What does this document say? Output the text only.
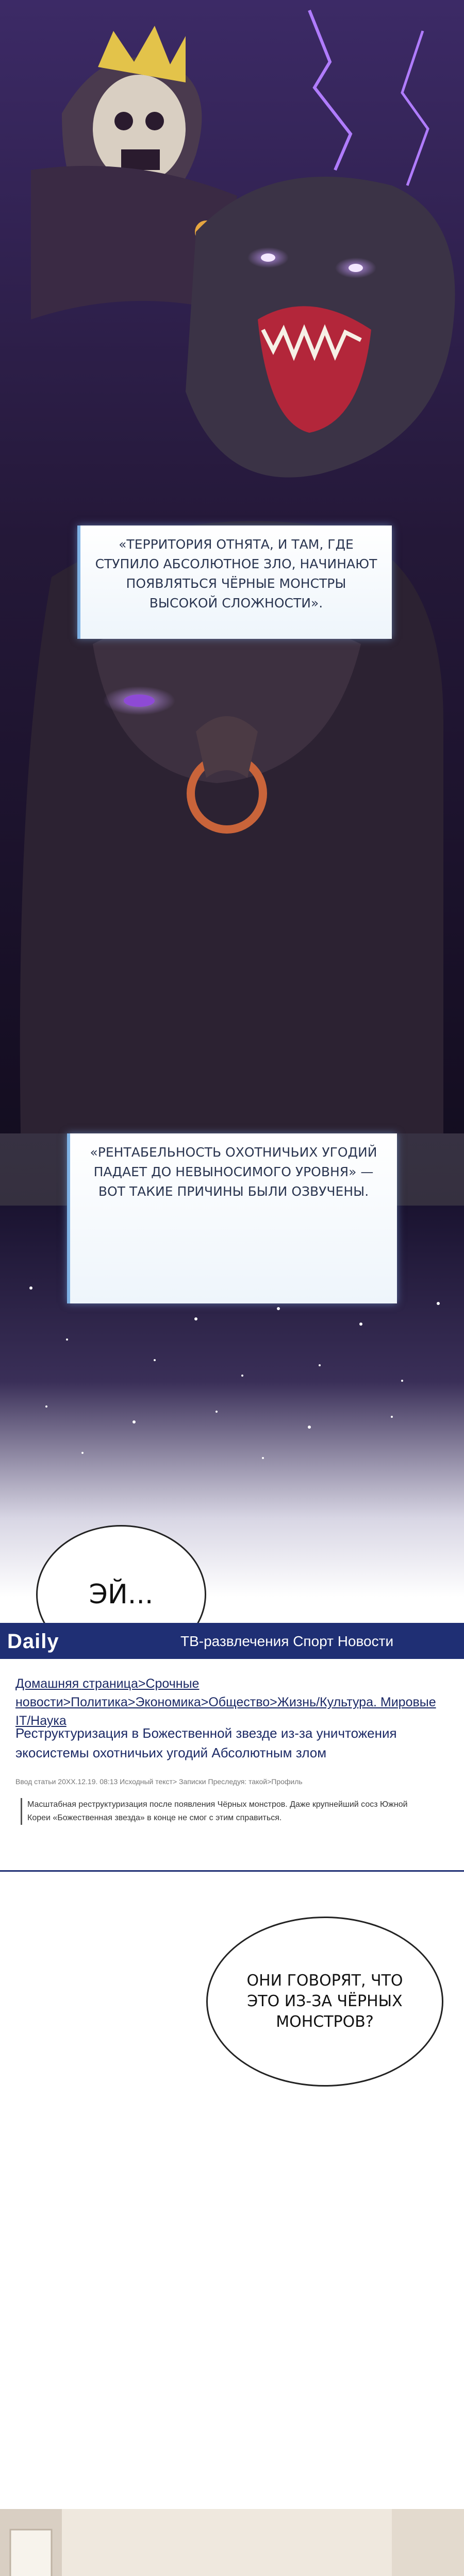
«ТЕРРИТОРИЯ ОТНЯТА, И ТАМ, ГДЕ СТУПИЛО АБСОЛЮТНОЕ ЗЛО, НАЧИНАЮТ ПОЯВЛЯТЬСЯ ЧЁРНЫЕ МОНСТРЫ ВЫСОКОЙ СЛОЖНОСТИ».
«РЕНТАБЕЛЬНОСТЬ ОХОТНИЧЬИХ УГОДИЙ ПАДАЕТ ДО НЕВЫНОСИМОГО УРОВНЯ» — ВОТ ТАКИЕ ПРИЧИНЫ БЫЛИ ОЗВУЧЕНЫ.
ЭЙ...
Daily	ТВ-развлечения Спорт Новости
Домашняя страница>Срочные новости>Политика>Экономика>Общество>Жизнь/Культура. Мировые IT/Наука
Реструктуризация в Божественной звезде из-за уничтожения экосистемы охотничьих угодий Абсолютным злом
Ввод статьи 20XX.12.19. 08:13 Исходный текст> Записки Преследуя: такой>Профиль
Масштабная реструктуризация после появления Чёрных монстров. Даже крупнейший сосз Южной Кореи «Божественная звезда» в конце не смог с этим справиться.
ОНИ ГОВОРЯТ, ЧТО ЭТО ИЗ-ЗА ЧЁРНЫХ МОНСТРОВ?
